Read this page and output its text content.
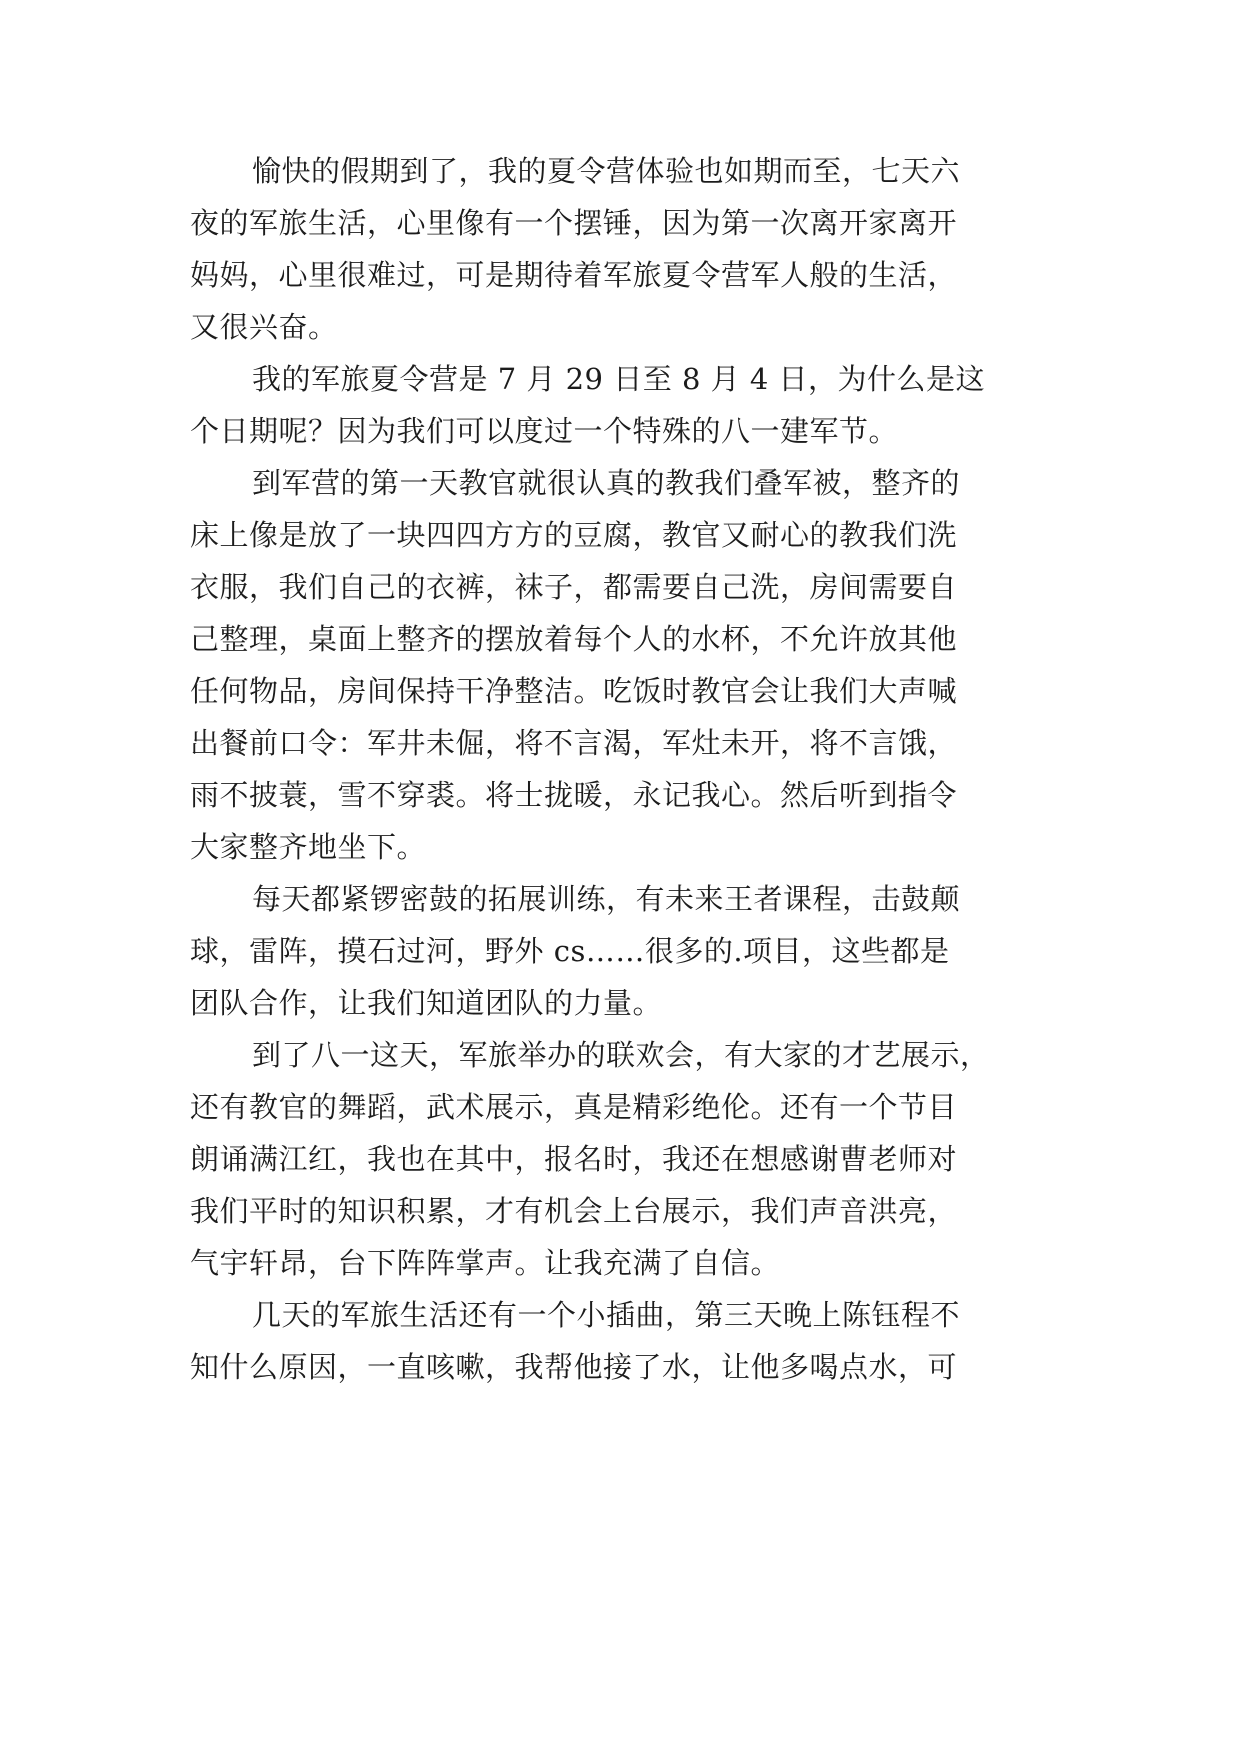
愉快的假期到了，我的夏令营体验也如期而至，七天六
夜的军旅生活，心里像有一个摆锤，因为第一次离开家离开
妈妈，心里很难过，可是期待着军旅夏令营军人般的生活，
又很兴奋。
我的军旅夏令营是 7 月 29 日至 8 月 4 日，为什么是这
个日期呢？因为我们可以度过一个特殊的八一建军节。
到军营的第一天教官就很认真的教我们叠军被，整齐的
床上像是放了一块四四方方的豆腐，教官又耐心的教我们洗
衣服，我们自己的衣裤，袜子，都需要自己洗，房间需要自
己整理，桌面上整齐的摆放着每个人的水杯，不允许放其他
任何物品，房间保持干净整洁。吃饭时教官会让我们大声喊
出餐前口令：军井未倔，将不言渴，军灶未开，将不言饿，
雨不披蓑，雪不穿裘。将士拢暖，永记我心。然后听到指令
大家整齐地坐下。
每天都紧锣密鼓的拓展训练，有未来王者课程，击鼓颠
球，雷阵，摸石过河，野外 cs……很多的.项目，这些都是
团队合作，让我们知道团队的力量。
到了八一这天，军旅举办的联欢会，有大家的才艺展示，
还有教官的舞蹈，武术展示，真是精彩绝伦。还有一个节目
朗诵满江红，我也在其中，报名时，我还在想感谢曹老师对
我们平时的知识积累，才有机会上台展示，我们声音洪亮，
气宇轩昂，台下阵阵掌声。让我充满了自信。
几天的军旅生活还有一个小插曲，第三天晚上陈钰程不
知什么原因，一直咳嗽，我帮他接了水，让他多喝点水，可
